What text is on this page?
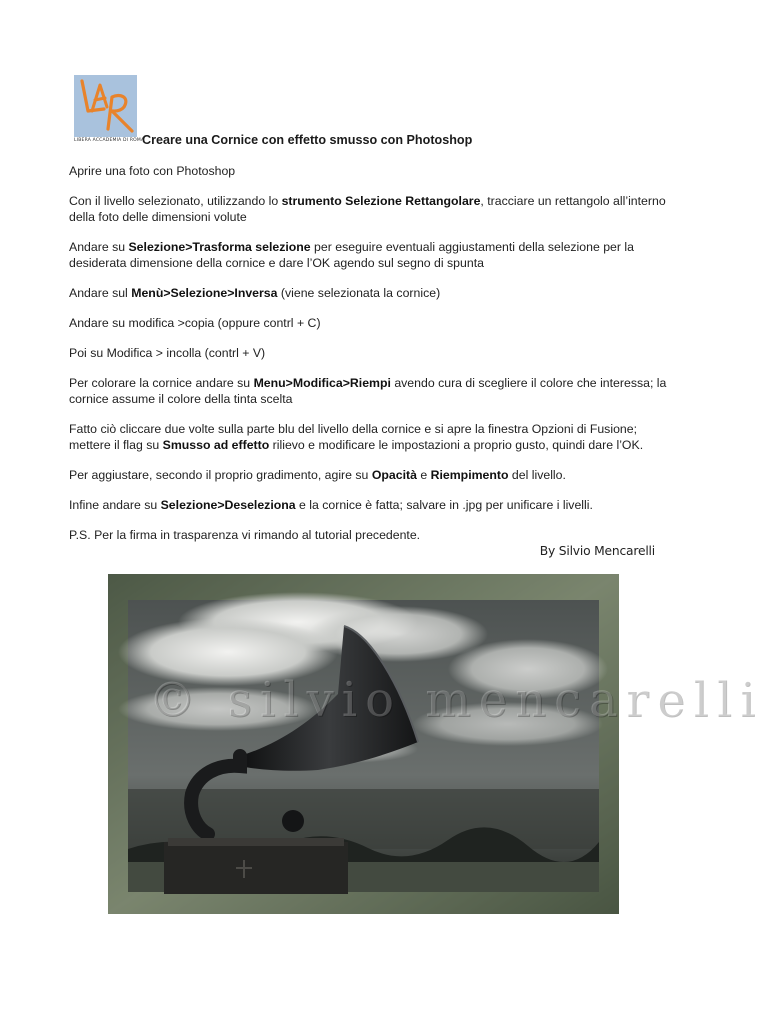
LIBERA ACCADEMIA DI ROMA
Creare una Cornice con effetto smusso con Photoshop

Aprire una foto con Photoshop

Con il livello selezionato, utilizzando lo strumento Selezione Rettangolare, tracciare un rettangolo all’interno della foto delle dimensioni volute

Andare su Selezione>Trasforma selezione per eseguire eventuali aggiustamenti della selezione per la desiderata dimensione della cornice e dare l’OK agendo sul segno di spunta

Andare sul Menù>Selezione>Inversa (viene selezionata la cornice)

Andare su modifica >copia (oppure contrl + C)

Poi su Modifica > incolla (contrl + V)

Per colorare la cornice andare su Menu>Modifica>Riempi avendo cura di scegliere il colore che interessa; la cornice assume il colore della tinta scelta

Fatto ciò cliccare due volte sulla parte blu del livello della cornice e si apre la finestra Opzioni di Fusione; mettere il flag su Smusso ad effetto rilievo e modificare le impostazioni a proprio gusto, quindi dare l’OK.

Per aggiustare, secondo il proprio gradimento, agire su Opacità e Riempimento del livello.

Infine andare su Selezione>Deseleziona e la cornice è fatta; salvare in .jpg per unificare i livelli.

P.S. Per la firma in trasparenza vi rimando al tutorial precedente.

By Silvio Mencarelli
© silvio mencarelli
